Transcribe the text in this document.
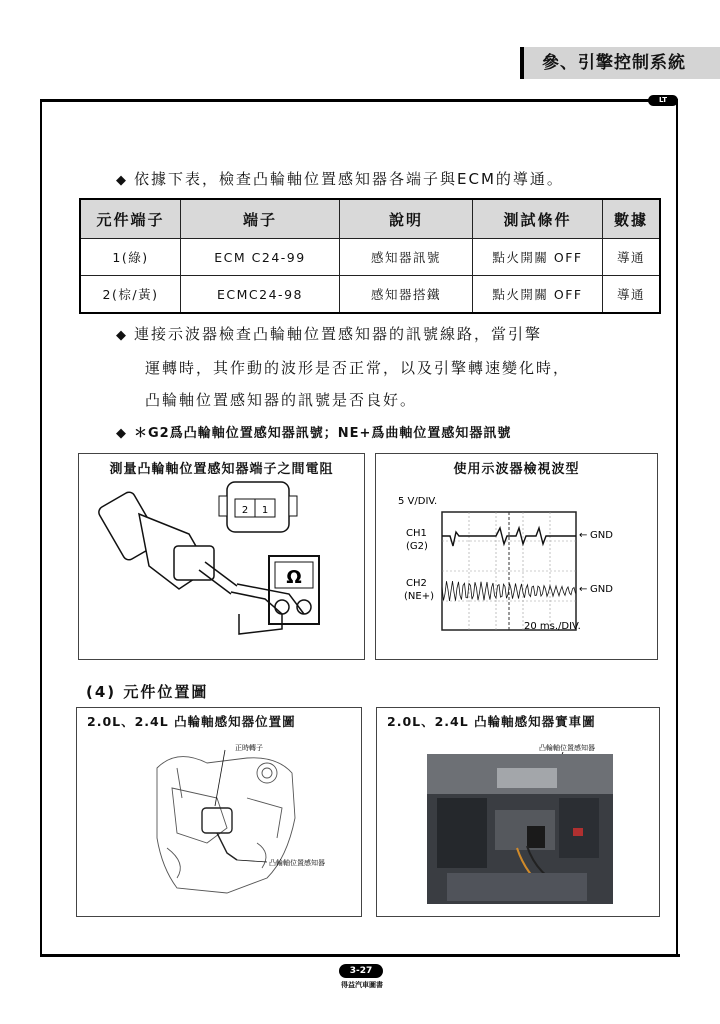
參、引擎控制系統
LT
◆ 依據下表，檢查凸輪軸位置感知器各端子與ECM的導通。
元件端子	端子	說明	測試條件	數據
1(綠)	ECM C24-99	感知器訊號	點火開關 OFF	導通
2(棕/黃)	ECMC24-98	感知器搭鐵	點火開關 OFF	導通
◆ 連接示波器檢查凸輪軸位置感知器的訊號線路，當引擎
運轉時，其作動的波形是否正常，以及引擎轉速變化時，
凸輪軸位置感知器的訊號是否良好。
◆ ＊G2爲凸輪軸位置感知器訊號；NE+爲曲軸位置感知器訊號
測量凸輪軸位置感知器端子之間電阻
2 1
Ω
使用示波器檢視波型
5 V/DIV.
CH1
(G2)
CH2
(NE+)
← GND
← GND
20 ms./DIV.
(4) 元件位置圖
2.0L、2.4L 凸輪軸感知器位置圖
正時轉子
凸輪軸位置感知器
2.0L、2.4L 凸輪軸感知器實車圖
凸輪軸位置感知器
3-27
得益汽車圖書
